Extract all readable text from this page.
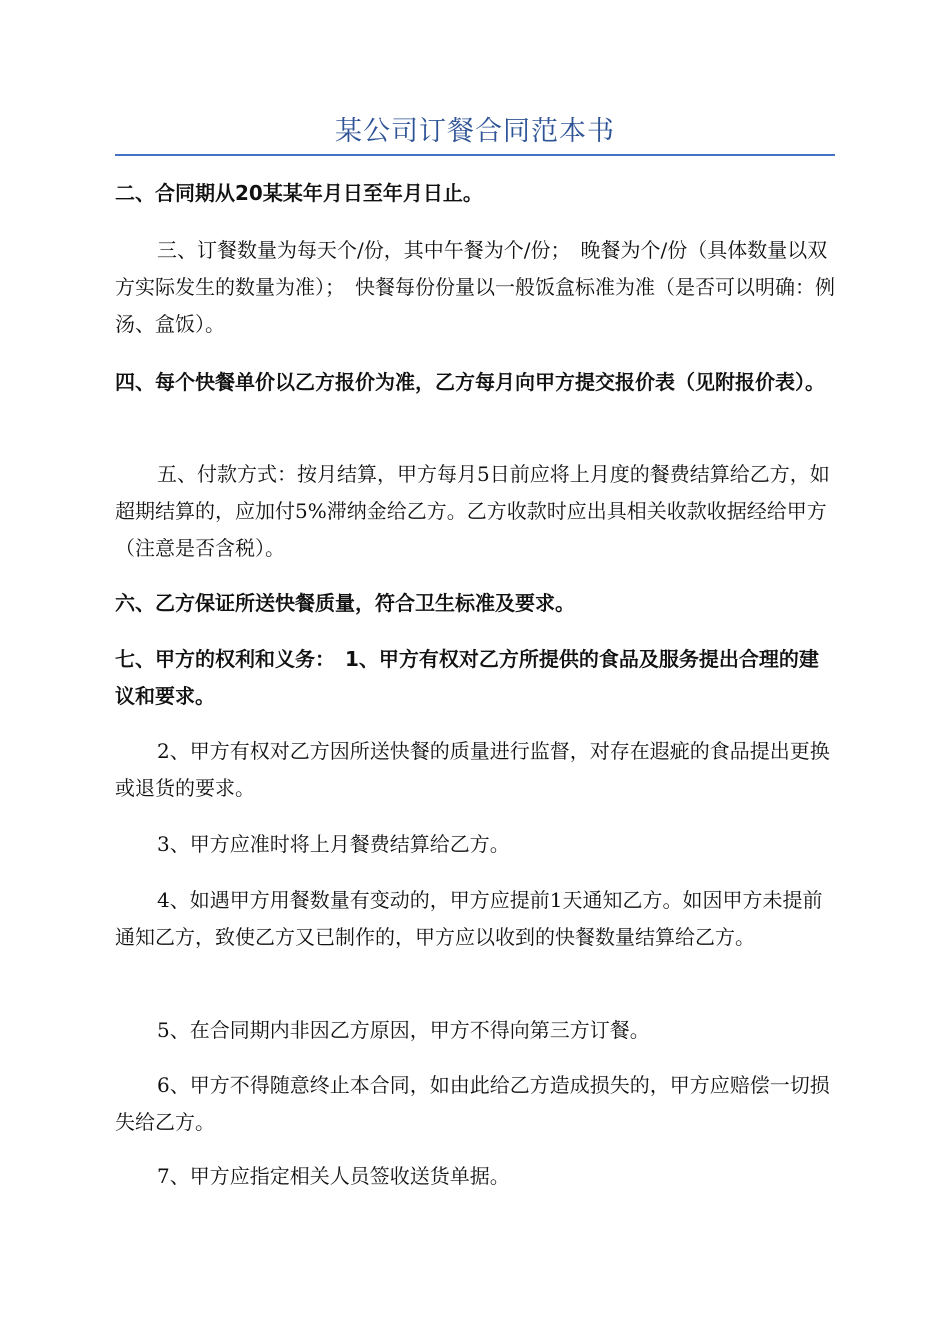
某公司订餐合同范本书

二、合同期从20某某年月日至年月日止。

三、订餐数量为每天个/份，其中午餐为个/份；　晚餐为个/份（具体数量以双方实际发生的数量为准）；　快餐每份份量以一般饭盒标准为准（是否可以明确：例汤、盒饭）。

四、每个快餐单价以乙方报价为准，乙方每月向甲方提交报价表（见附报价表）。

五、付款方式：按月结算，甲方每月5日前应将上月度的餐费结算给乙方，如超期结算的，应加付5%滞纳金给乙方。乙方收款时应出具相关收款收据经给甲方（注意是否含税）。

六、乙方保证所送快餐质量，符合卫生标准及要求。

七、甲方的权利和义务：　1、甲方有权对乙方所提供的食品及服务提出合理的建议和要求。

2、甲方有权对乙方因所送快餐的质量进行监督，对存在遐疵的食品提出更换或退货的要求。

3、甲方应准时将上月餐费结算给乙方。

4、如遇甲方用餐数量有变动的，甲方应提前1天通知乙方。如因甲方未提前通知乙方，致使乙方又已制作的，甲方应以收到的快餐数量结算给乙方。

5、在合同期内非因乙方原因，甲方不得向第三方订餐。

6、甲方不得随意终止本合同，如由此给乙方造成损失的，甲方应赔偿一切损失给乙方。

7、甲方应指定相关人员签收送货单据。
